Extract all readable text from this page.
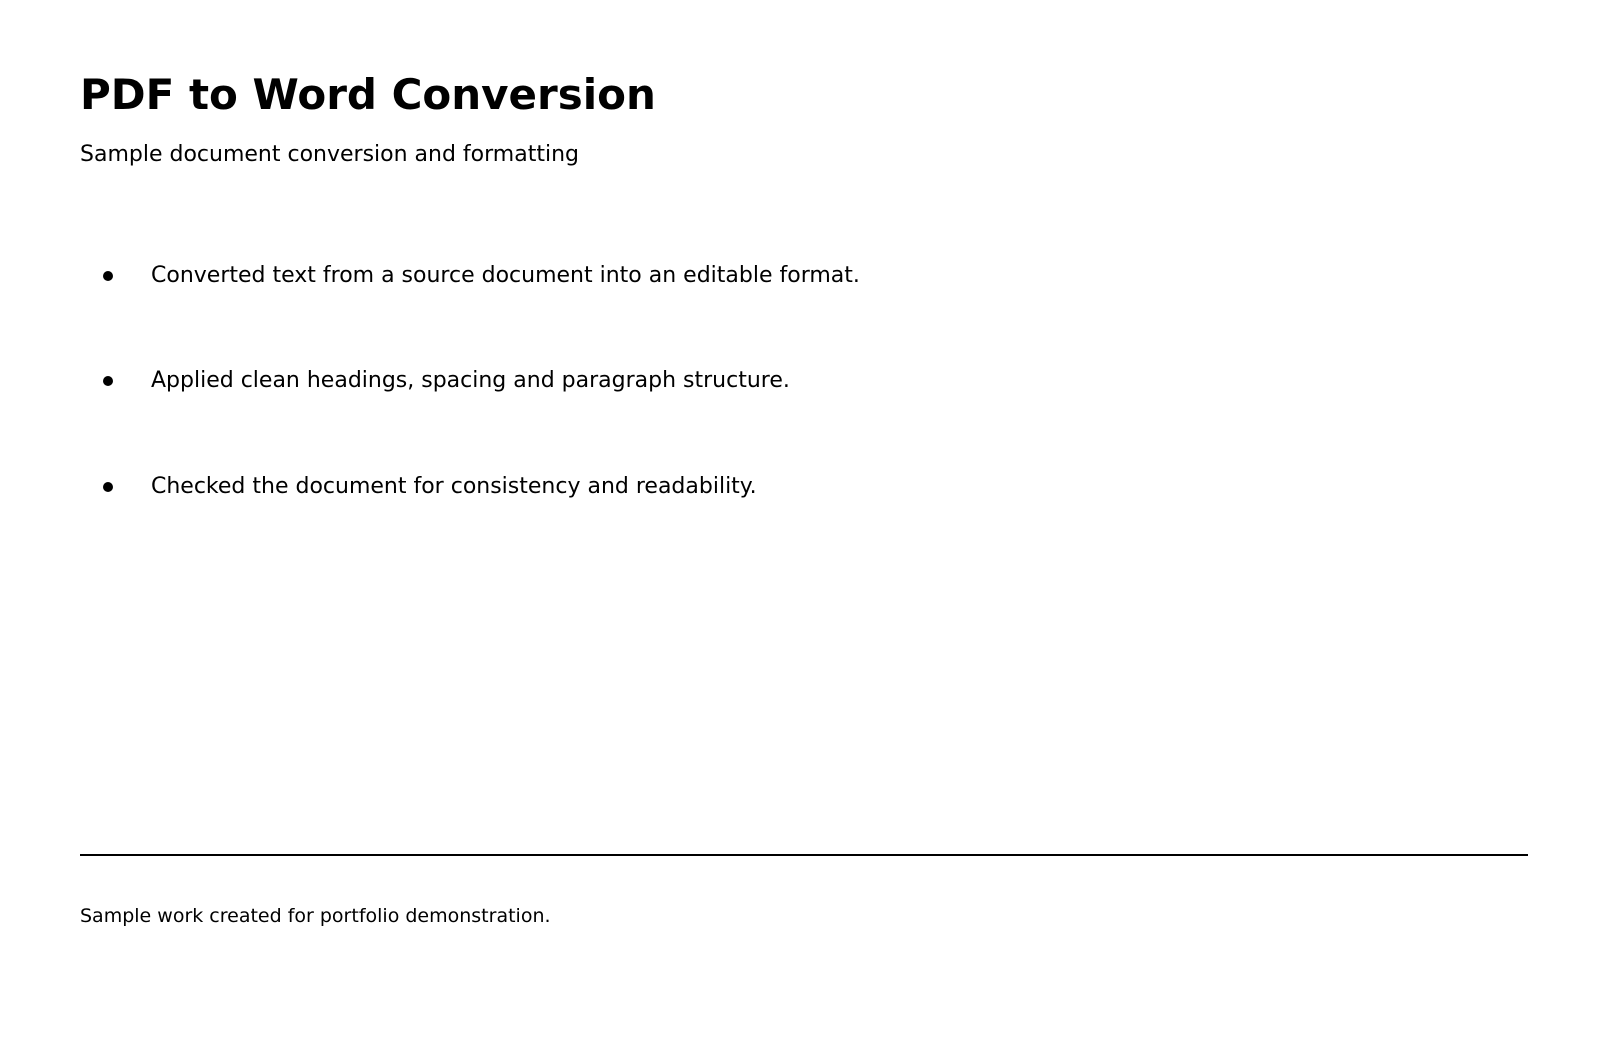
PDF to Word Conversion

Sample document conversion and formatting

Converted text from a source document into an editable format.
Applied clean headings, spacing and paragraph structure.
Checked the document for consistency and readability.

Sample work created for portfolio demonstration.
